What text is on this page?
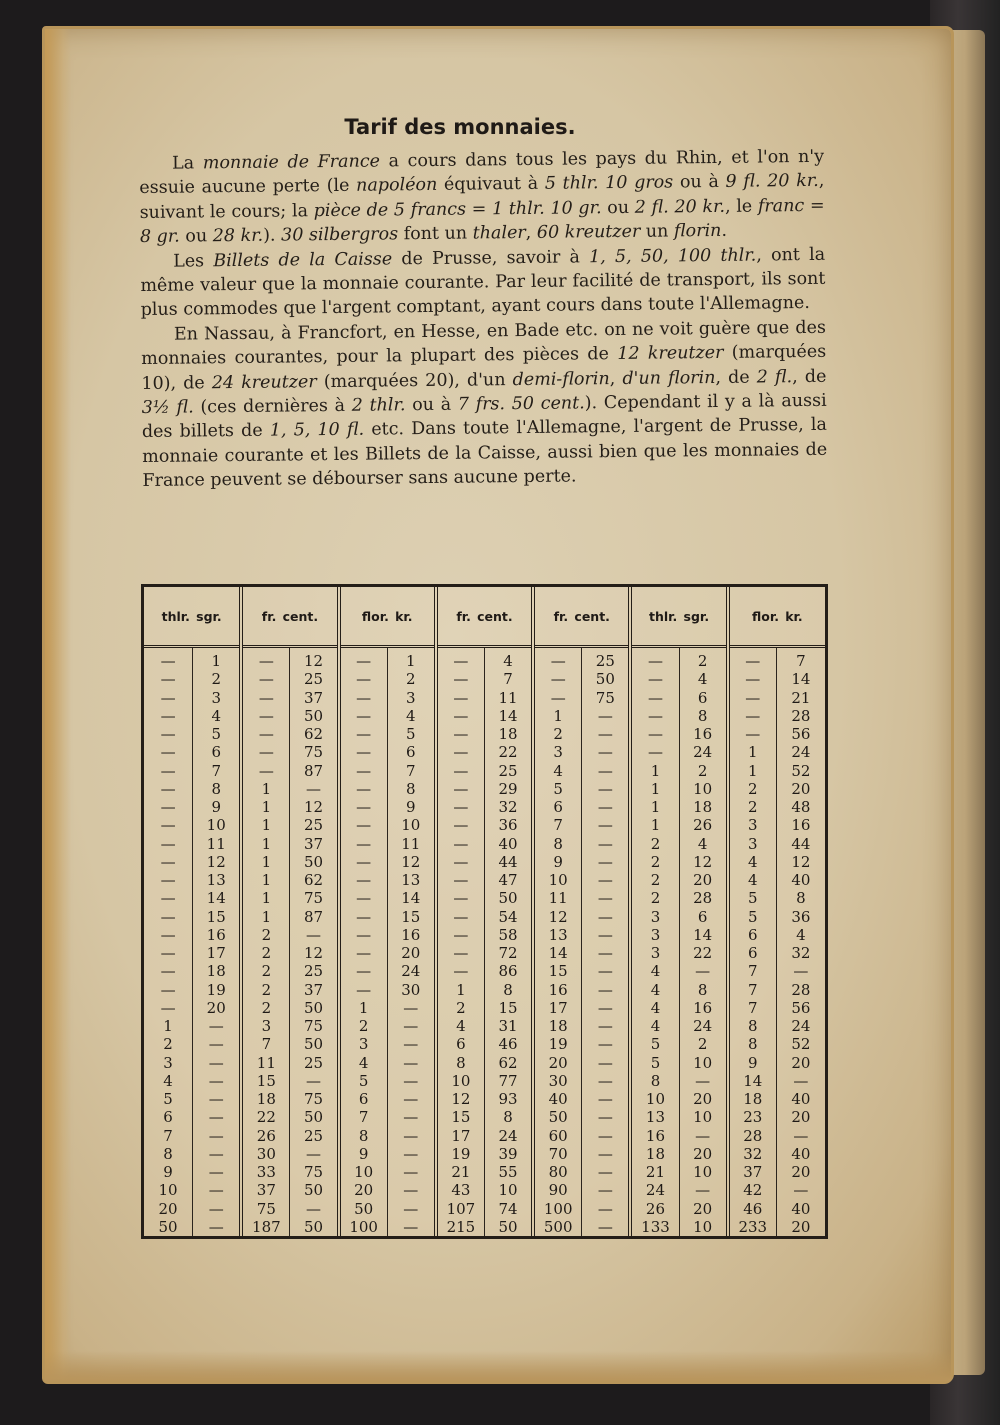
Tarif des monnaies.

La monnaie de France a cours dans tous les pays du Rhin, et l'on n'y essuie aucune perte (le napoléon équivaut à 5 thlr. 10 gros ou à 9 fl. 20 kr., suivant le cours; la pièce de 5 francs = 1 thlr. 10 gr. ou 2 fl. 20 kr., le franc = 8 gr. ou 28 kr.). 30 silbergros font un thaler, 60 kreutzer un florin.

Les Billets de la Caisse de Prusse, savoir à 1, 5, 50, 100 thlr., ont la même valeur que la monnaie courante. Par leur facilité de transport, ils sont plus commodes que l'argent comptant, ayant cours dans toute l'Allemagne.

En Nassau, à Francfort, en Hesse, en Bade etc. on ne voit guère que des monnaies courantes, pour la plupart des pièces de 12 kreutzer (marquées 10), de 24 kreutzer (marquées 20), d'un demi-florin, d'un florin, de 2 fl., de 3½ fl. (ces dernières à 2 thlr. ou à 7 frs. 50 cent.). Cependant il y a là aussi des billets de 1, 5, 10 fl. etc. Dans toute l'Allemagne, l'argent de Prusse, la monnaie courante et les Billets de la Caisse, aussi bien que les monnaies de France peuvent se débourser sans aucune perte.

thlr.  sgr.		fr.  cent.		flor.  kr.		fr.  cent.		fr.  cent.		thlr.  sgr.		flor.  kr.	
—	1	—	12	—	1	—	4	—	25	—	2	—	7
—	2	—	25	—	2	—	7	—	50	—	4	—	14
—	3	—	37	—	3	—	11	—	75	—	6	—	21
—	4	—	50	—	4	—	14	1	—	—	8	—	28
—	5	—	62	—	5	—	18	2	—	—	16	—	56
—	6	—	75	—	6	—	22	3	—	—	24	1	24
—	7	—	87	—	7	—	25	4	—	1	2	1	52
—	8	1	—	—	8	—	29	5	—	1	10	2	20
—	9	1	12	—	9	—	32	6	—	1	18	2	48
—	10	1	25	—	10	—	36	7	—	1	26	3	16
—	11	1	37	—	11	—	40	8	—	2	4	3	44
—	12	1	50	—	12	—	44	9	—	2	12	4	12
—	13	1	62	—	13	—	47	10	—	2	20	4	40
—	14	1	75	—	14	—	50	11	—	2	28	5	8
—	15	1	87	—	15	—	54	12	—	3	6	5	36
—	16	2	—	—	16	—	58	13	—	3	14	6	4
—	17	2	12	—	20	—	72	14	—	3	22	6	32
—	18	2	25	—	24	—	86	15	—	4	—	7	—
—	19	2	37	—	30	1	8	16	—	4	8	7	28
—	20	2	50	1	—	2	15	17	—	4	16	7	56
1	—	3	75	2	—	4	31	18	—	4	24	8	24
2	—	7	50	3	—	6	46	19	—	5	2	8	52
3	—	11	25	4	—	8	62	20	—	5	10	9	20
4	—	15	—	5	—	10	77	30	—	8	—	14	—
5	—	18	75	6	—	12	93	40	—	10	20	18	40
6	—	22	50	7	—	15	8	50	—	13	10	23	20
7	—	26	25	8	—	17	24	60	—	16	—	28	—
8	—	30	—	9	—	19	39	70	—	18	20	32	40
9	—	33	75	10	—	21	55	80	—	21	10	37	20
10	—	37	50	20	—	43	10	90	—	24	—	42	—
20	—	75	—	50	—	107	74	100	—	26	20	46	40
50	—	187	50	100	—	215	50	500	—	133	10	233	20
